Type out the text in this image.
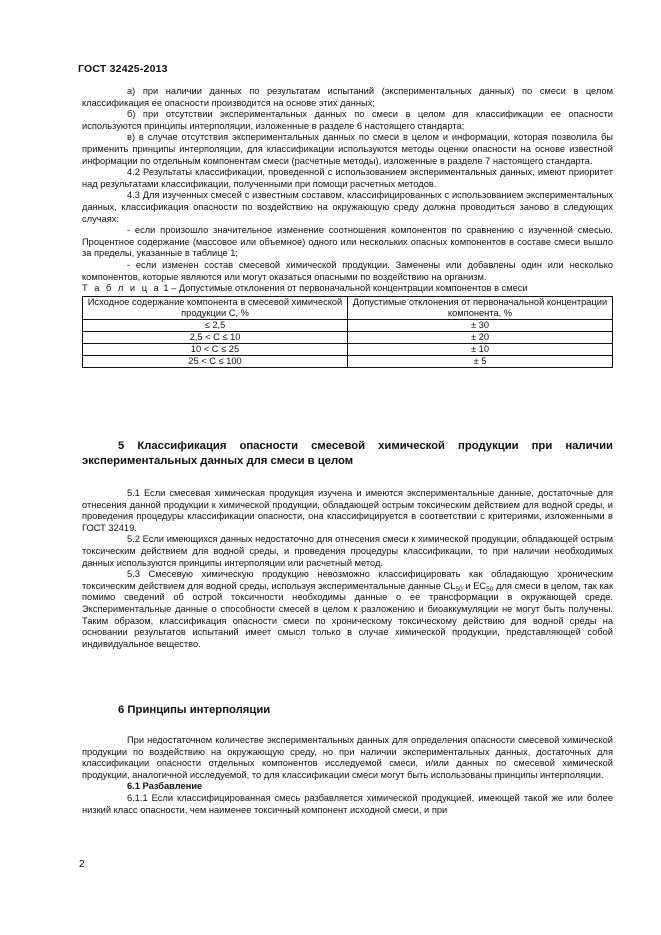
ГОСТ 32425-2013

а) при наличии данных по результатам испытаний (экспериментальных данных) по смеси в целом классификация ее опасности производится на основе этих данных;

б) при отсутствии экспериментальных данных по смеси в целом для классификации ее опасности используются принципы интерполяции, изложенные в разделе 6 настоящего стандарта;

в) в случае отсутствия экспериментальных данных по смеси в целом и информации, которая позволила бы применить принципы интерполяции, для классификации используются методы оценки опасности на основе известной информации по отдельным компонентам смеси (расчетные методы), изложенные в разделе 7 настоящего стандарта.

4.2 Результаты классификации, проведенной с использованием экспериментальных данных, имеют приоритет над результатами классификации, полученными при помощи расчетных методов.

4.3 Для изученных смесей с известным составом, классифицированных с использованием экспериментальных данных, классификация опасности по воздействию на окружающую среду должна проводиться заново в следующих случаях:

- если произошло значительное изменение соотношения компонентов по сравнению с изученной смесью. Процентное содержание (массовое или объемное) одного или нескольких опасных компонентов в составе смеси вышло за пределы, указанные в таблице 1;

- если изменен состав смесевой химической продукции. Заменены или добавлены один или несколько компонентов, которые являются или могут оказаться опасными по воздействию на организм.

Т а б л и ц а 1 – Допустимые отклонения от первоначальной концентрации компонентов в смеси

Исходное содержание компонента в смесевой химической продукции C, %	Допустимые отклонения от первоначальной концентрации компонента, %
≤ 2,5	± 30
2,5 < C ≤ 10	± 20
10 < C ≤ 25	± 10
25 < C ≤ 100	± 5
5 Классификация опасности смесевой химической продукции при наличии экспериментальных данных для смеси в целом

5.1 Если смесевая химическая продукция изучена и имеются экспериментальные данные, достаточные для отнесения данной продукции к химической продукции, обладающей острым токсическим действием для водной среды, и проведения процедуры классификации опасности, она классифицируется в соответствии с критериями, изложенными в ГОСТ 32419.

5.2 Если имеющихся данных недостаточно для отнесения смеси к химической продукции, обладающей острым токсическим действием для водной среды, и проведения процедуры классификации, то при наличии необходимых данных используются принципы интерполяции или расчетный метод.

5.3 Смесевую химическую продукцию невозможно классифицировать как обладающую хроническим токсическим действием для водной среды, используя экспериментальные данные $CL_{50}$ и $EC_{50}$ для смеси в целом, так как помимо сведений об острой токсичности необходимы данные о ее трансформации в окружающей среде. Экспериментальные данные о способности смесей в целом к разложению и биоаккумуляции не могут быть получены. Таким образом, классификация опасности смеси по хроническому токсическому действию для водной среды на основании результатов испытаний имеет смысл только в случае химической продукции, представляющей собой индивидуальное вещество.

6 Принципы интерполяции

При недостаточном количестве экспериментальных данных для определения опасности смесевой химической продукции по воздействию на окружающую среду, но при наличии экспериментальных данных, достаточных для классификации опасности отдельных компонентов исследуемой смеси, и/или данных по смесевой химической продукции, аналогичной исследуемой, то для классификации смеси могут быть использованы принципы интерполяции.

6.1 Разбавление

6.1.1 Если классифицированная смесь разбавляется химической продукцией, имеющей такой же или более низкий класс опасности, чем наименее токсичный компонент исходной смеси, и при

2
